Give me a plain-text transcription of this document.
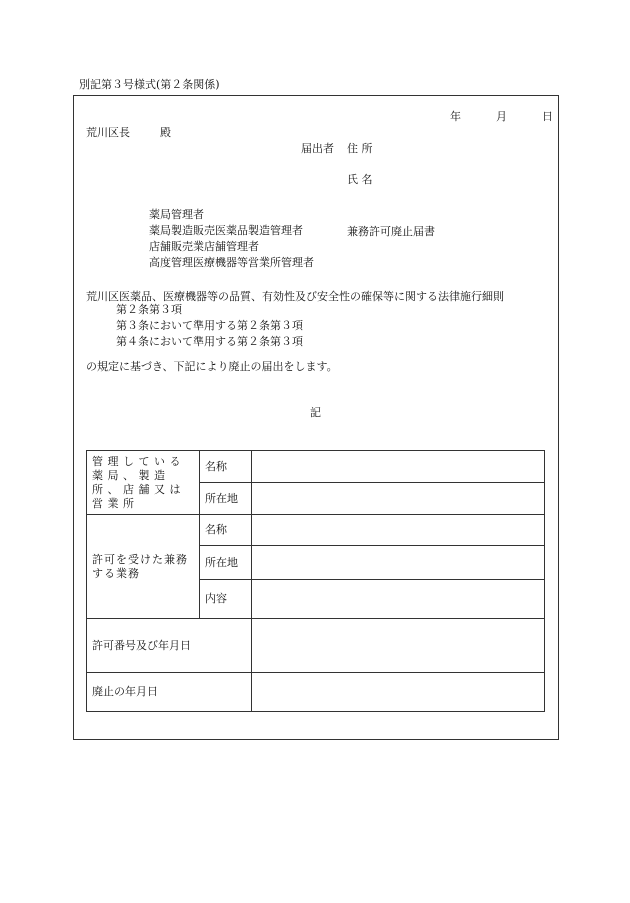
別記第３号様式(第２条関係)
年	月	日
荒川区長	殿
届出者 住 所
氏 名
薬局管理者
薬局製造販売医薬品製造管理者
店舗販売業店舗管理者
高度管理医療機器等営業所管理者
兼務許可廃止届書
荒川区医薬品、医療機器等の品質、有効性及び安全性の確保等に関する法律施行細則
第２条第３項
第３条において準用する第２条第３項
第４条において準用する第２条第３項
の規定に基づき、下記により廃止の届出をします。
記
管理している薬局、製造所、店舗又は営業所	名称	
	所在地	
許可を受けた兼務する業務	名称	
	所在地	
	内容	
許可番号及び年月日		
廃止の年月日		
